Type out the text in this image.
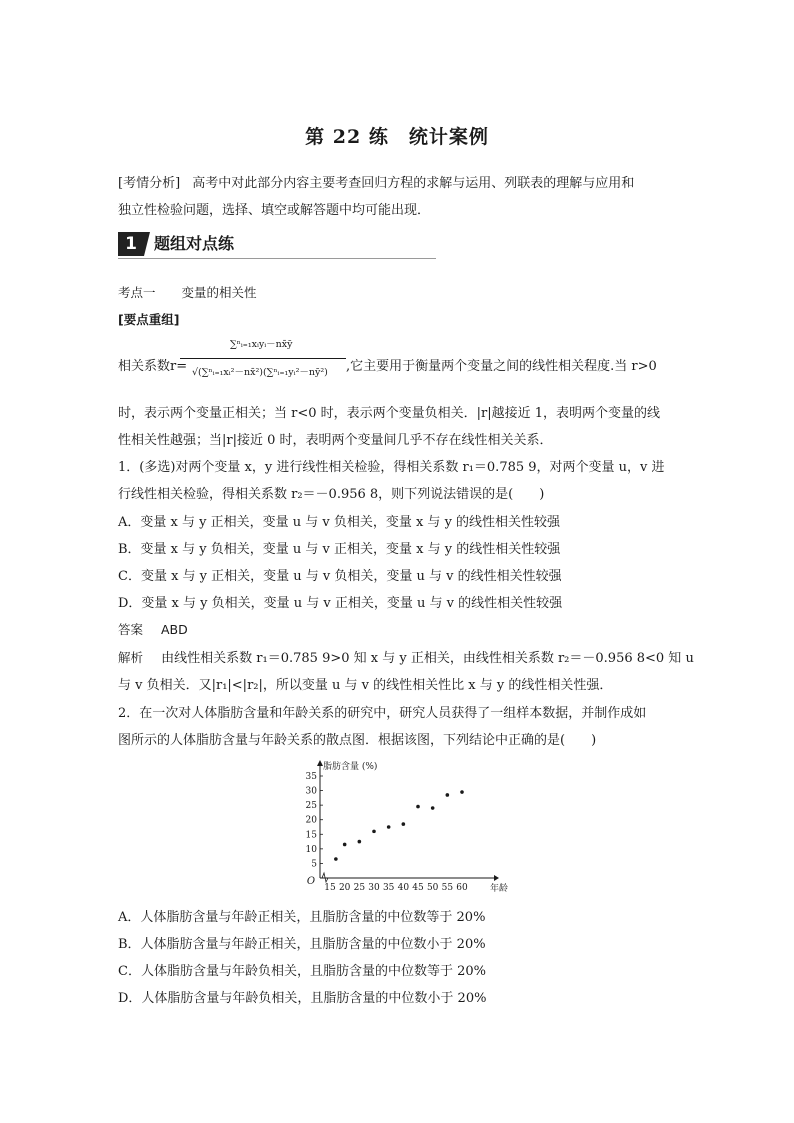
第 22 练　统计案例
[考情分析] 高考中对此部分内容主要考查回归方程的求解与运用、列联表的理解与应用和
独立性检验问题，选择、填空或解答题中均可能出现．
1	题组对点练
考点一 变量的相关性
[要点重组]
相关系数r=
∑ⁿᵢ₌₁xᵢyᵢ－nx̄ȳ
√(∑ⁿᵢ₌₁xᵢ²－nx̄²)(∑ⁿᵢ₌₁yᵢ²－nȳ²) ,它主要用于衡量两个变量之间的线性相关程度.当 r>0
时，表示两个变量正相关；当 r<0 时，表示两个变量负相关．|r|越接近 1，表明两个变量的线
性相关性越强；当|r|接近 0 时，表明两个变量间几乎不存在线性相关关系．
1．(多选)对两个变量 x，y 进行线性相关检验，得相关系数 r₁＝0.785 9，对两个变量 u，v 进
行线性相关检验，得相关系数 r₂＝－0.956 8，则下列说法错误的是(　　)
A．变量 x 与 y 正相关，变量 u 与 v 负相关，变量 x 与 y 的线性相关性较强
B．变量 x 与 y 负相关，变量 u 与 v 正相关，变量 x 与 y 的线性相关性较强
C．变量 x 与 y 正相关，变量 u 与 v 负相关，变量 u 与 v 的线性相关性较强
D．变量 x 与 y 负相关，变量 u 与 v 正相关，变量 u 与 v 的线性相关性较强
答案 ABD
解析 由线性相关系数 r₁＝0.785 9>0 知 x 与 y 正相关，由线性相关系数 r₂＝－0.956 8<0 知 u
与 v 负相关．又|r₁|<|r₂|，所以变量 u 与 v 的线性相关性比 x 与 y 的线性相关性强．
2．在一次对人体脂肪含量和年龄关系的研究中，研究人员获得了一组样本数据，并制作成如
图所示的人体脂肪含量与年龄关系的散点图．根据该图，下列结论中正确的是(　　)
5
10
15
20
25
30
35
15 20 25 30 35 40 45 50 55 60
O
脂肪含量 (%)
年龄
A．人体脂肪含量与年龄正相关，且脂肪含量的中位数等于 20%
B．人体脂肪含量与年龄正相关，且脂肪含量的中位数小于 20%
C．人体脂肪含量与年龄负相关，且脂肪含量的中位数等于 20%
D．人体脂肪含量与年龄负相关，且脂肪含量的中位数小于 20%
